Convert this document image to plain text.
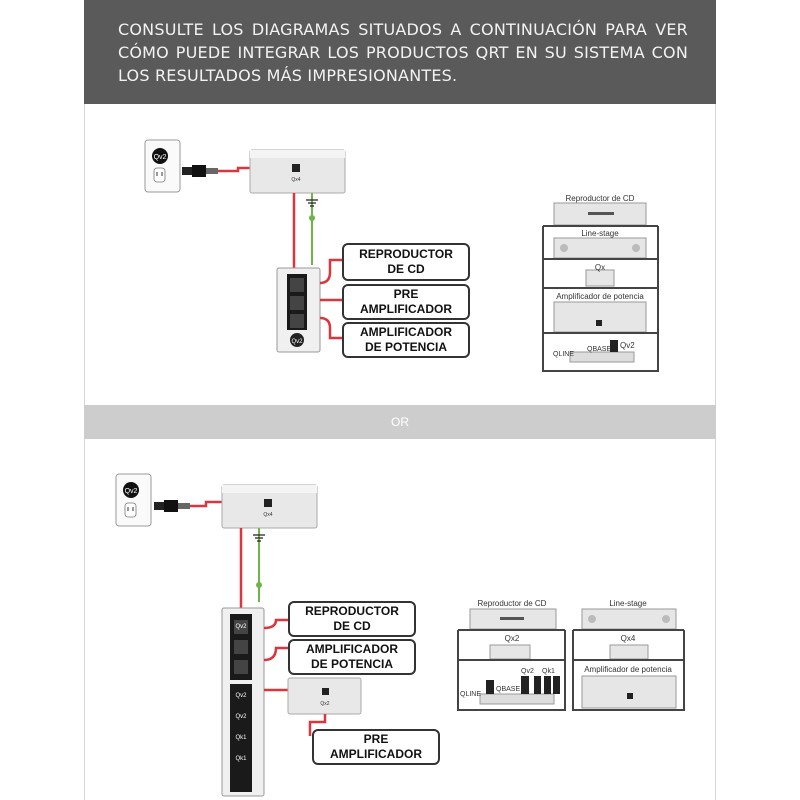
CONSULTE LOS DIAGRAMAS SITUADOS A CONTINUACIÓN PARA VER CÓMO PUEDE INTEGRAR LOS PRODUCTOS QRT EN SU SISTEMA CON LOS RESULTADOS MÁS IMPRESIONANTES.
Qv2
Qx4
Qv2
Reproductor de CD
Line-stage
Qx
Amplificador de potencia
QLINE
QBASE Qv2
REPRODUCTOR
DE CD
PRE
AMPLIFICADOR
AMPLIFICADOR
DE POTENCIA
OR
Qv2
Qx4
Qv2
Qv2
Qv2
Qk1
Qk1
Qx2
Reproductor de CD
Qx2
Qv2 Qk1
QLINE
QBASE
Line-stage
Qx4
Amplificador de potencia
REPRODUCTOR
DE CD
AMPLIFICADOR
DE POTENCIA
PRE
AMPLIFICADOR
